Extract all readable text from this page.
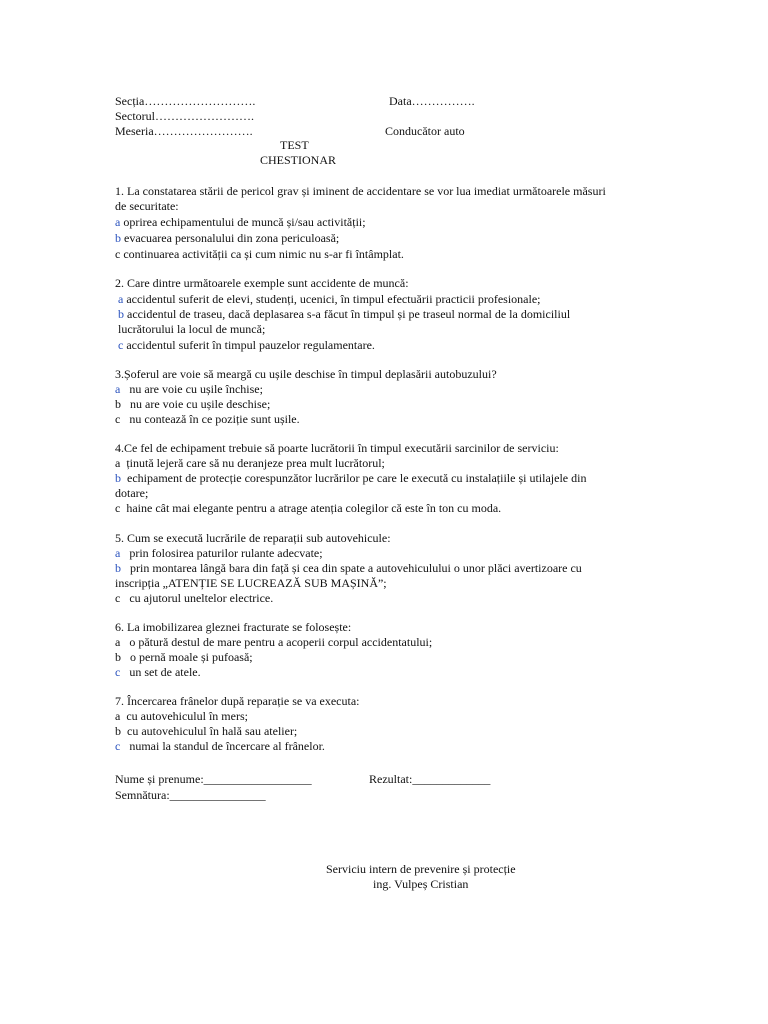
Secția……………………….	Data…………….
Sectorul…………………….
Meseria…………………….	Conducător auto
TEST
CHESTIONAR
1. La constatarea stării de pericol grav și iminent de accidentare se vor lua imediat următoarele măsuri
de securitate:
a oprirea echipamentului de muncă și/sau activității;
b evacuarea personalului din zona periculoasă;
c continuarea activității ca și cum nimic nu s-ar fi întâmplat.
2. Care dintre următoarele exemple sunt accidente de muncă:
a accidentul suferit de elevi, studenți, ucenici, în timpul efectuării practicii profesionale;
b accidentul de traseu, dacă deplasarea s-a făcut în timpul și pe traseul normal de la domiciliul
lucrătorului la locul de muncă;
c accidentul suferit în timpul pauzelor regulamentare.
3.Șoferul are voie să meargă cu ușile deschise în timpul deplasării autobuzului?
a nu are voie cu ușile închise;
b nu are voie cu ușile deschise;
c nu contează în ce poziție sunt ușile.
4.Ce fel de echipament trebuie să poarte lucrătorii în timpul executării sarcinilor de serviciu:
a ținută lejeră care să nu deranjeze prea mult lucrătorul;
b echipament de protecție corespunzător lucrărilor pe care le execută cu instalațiile și utilajele din
dotare;
c haine cât mai elegante pentru a atrage atenția colegilor că este în ton cu moda.
5. Cum se execută lucrările de reparații sub autovehicule:
a prin folosirea paturilor rulante adecvate;
b prin montarea lângă bara din față și cea din spate a autovehiculului o unor plăci avertizoare cu
inscripția „ATENȚIE SE LUCREAZĂ SUB MAȘINĂ”;
c cu ajutorul uneltelor electrice.
6. La imobilizarea gleznei fracturate se folosește:
a o pătură destul de mare pentru a acoperii corpul accidentatului;
b o pernă moale și pufoasă;
c un set de atele.
7. Încercarea frânelor după reparație se va executa:
a cu autovehiculul în mers;
b cu autovehiculul în hală sau atelier;
c numai la standul de încercare al frânelor.
Nume și prenume:__________________	Rezultat:_____________
Semnătura:________________
Serviciu intern de prevenire și protecție
ing. Vulpeș Cristian
